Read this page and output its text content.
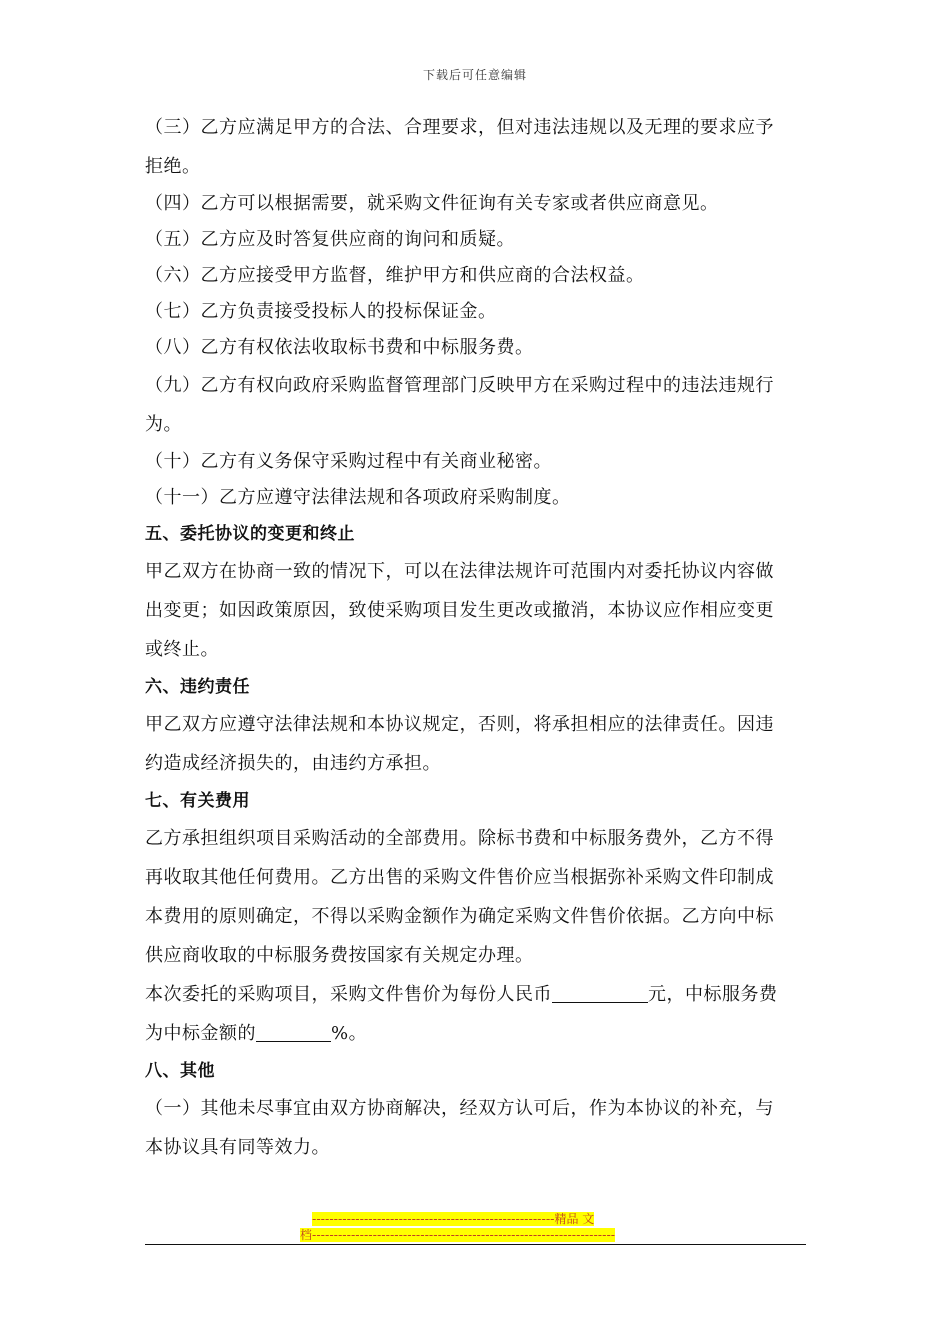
下载后可任意编辑
（三）乙方应满足甲方的合法、合理要求，但对违法违规以及无理的要求应予
拒绝。
（四）乙方可以根据需要，就采购文件征询有关专家或者供应商意见。
（五）乙方应及时答复供应商的询问和质疑。
（六）乙方应接受甲方监督，维护甲方和供应商的合法权益。
（七）乙方负责接受投标人的投标保证金。
（八）乙方有权依法收取标书费和中标服务费。
（九）乙方有权向政府采购监督管理部门反映甲方在采购过程中的违法违规行
为。
（十）乙方有义务保守采购过程中有关商业秘密。
（十一）乙方应遵守法律法规和各项政府采购制度。
五、委托协议的变更和终止
甲乙双方在协商一致的情况下，可以在法律法规许可范围内对委托协议内容做
出变更；如因政策原因，致使采购项目发生更改或撤消，本协议应作相应变更
或终止。
六、违约责任
甲乙双方应遵守法律法规和本协议规定，否则，将承担相应的法律责任。因违
约造成经济损失的，由违约方承担。
七、有关费用
乙方承担组织项目采购活动的全部费用。除标书费和中标服务费外，乙方不得
再收取其他任何费用。乙方出售的采购文件售价应当根据弥补采购文件印制成
本费用的原则确定，不得以采购金额作为确定采购文件售价依据。乙方向中标
供应商收取的中标服务费按国家有关规定办理。
本次委托的采购项目，采购文件售价为每份人民币	元，中标服务费
为中标金额的	%。
八、其他
（一）其他未尽事宜由双方协商解决，经双方认可后，作为本协议的补充，与
本协议具有同等效力。
--------------------------------------------------------精品 文
档----------------------------------------------------------------------
